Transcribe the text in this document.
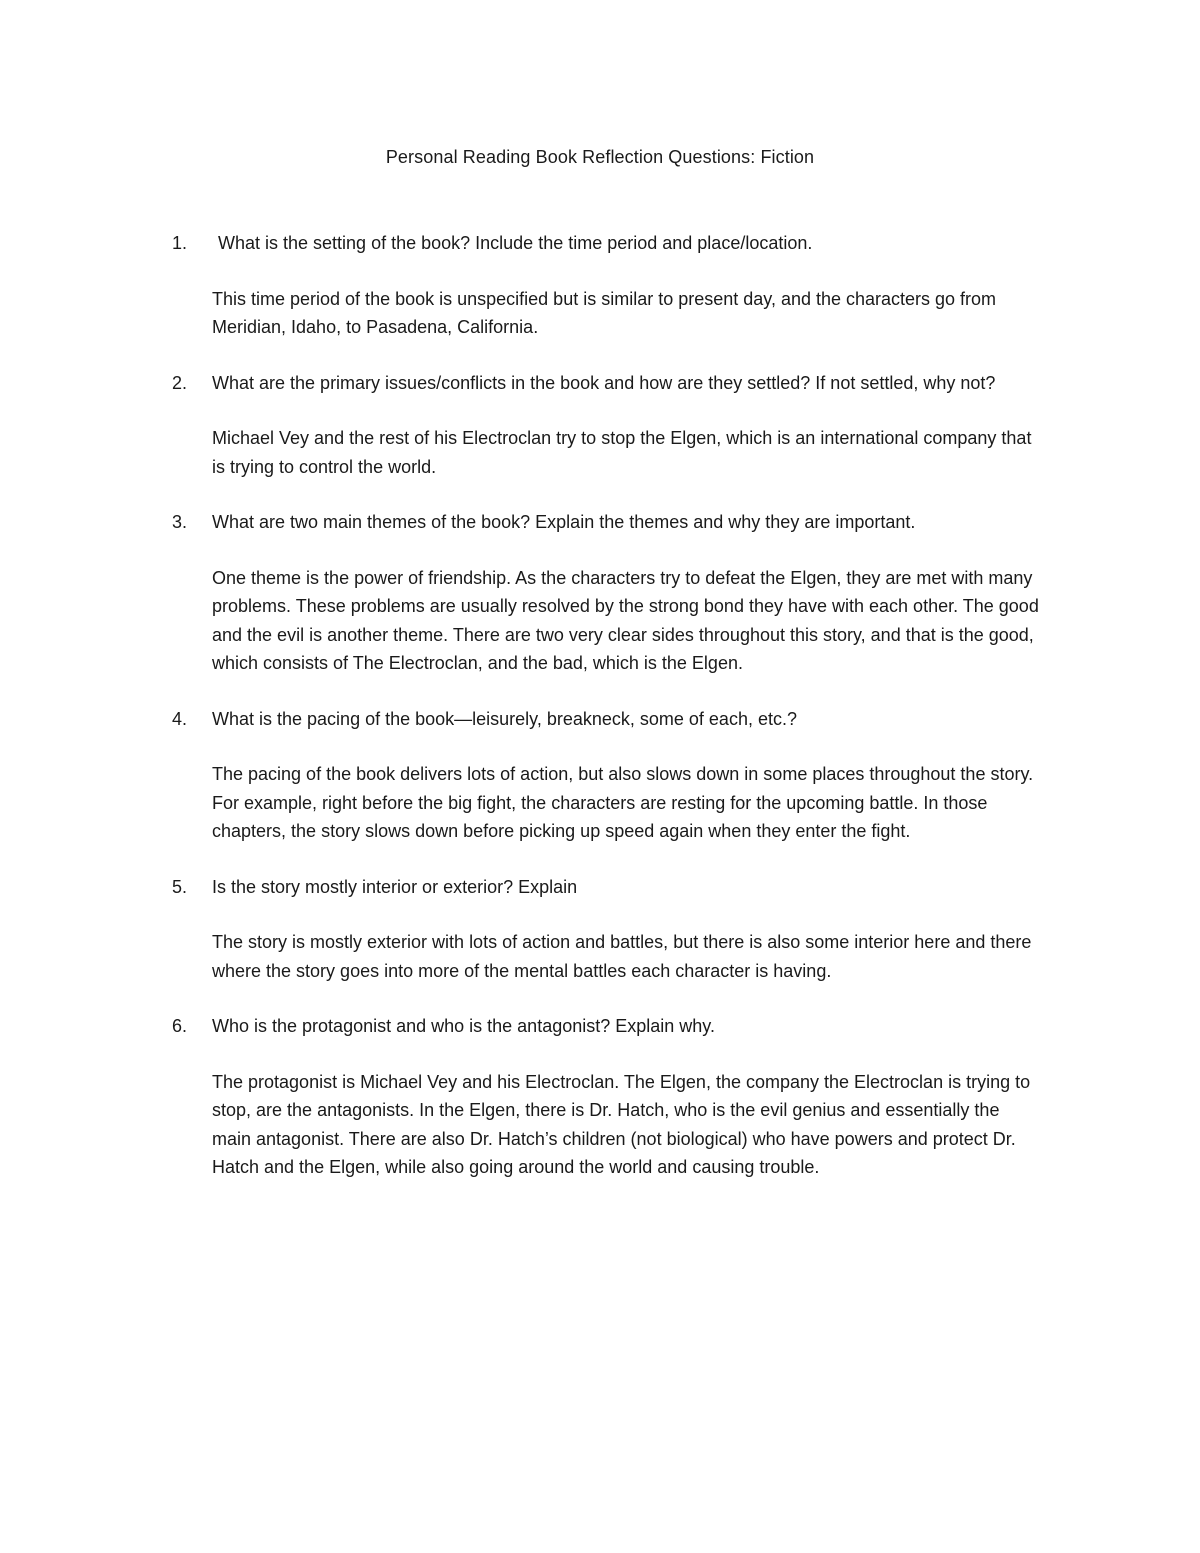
Personal Reading Book Reflection Questions: Fiction
1.	What is the setting of the book? Include the time period and place/location.
This time period of the book is unspecified but is similar to present day, and the characters go from Meridian, Idaho, to Pasadena, California.
2.	What are the primary issues/conflicts in the book and how are they settled? If not settled, why not?
Michael Vey and the rest of his Electroclan try to stop the Elgen, which is an international company that is trying to control the world.
3.	What are two main themes of the book? Explain the themes and why they are important.
One theme is the power of friendship. As the characters try to defeat the Elgen, they are met with many problems. These problems are usually resolved by the strong bond they have with each other. The good and the evil is another theme. There are two very clear sides throughout this story, and that is the good, which consists of The Electroclan, and the bad, which is the Elgen.
4.	What is the pacing of the book—leisurely, breakneck, some of each, etc.?
The pacing of the book delivers lots of action, but also slows down in some places throughout the story. For example, right before the big fight, the characters are resting for the upcoming battle. In those chapters, the story slows down before picking up speed again when they enter the fight.
5.	Is the story mostly interior or exterior? Explain
The story is mostly exterior with lots of action and battles, but there is also some interior here and there where the story goes into more of the mental battles each character is having.
6.	Who is the protagonist and who is the antagonist? Explain why.
The protagonist is Michael Vey and his Electroclan. The Elgen, the company the Electroclan is trying to stop, are the antagonists. In the Elgen, there is Dr. Hatch, who is the evil genius and essentially the main antagonist. There are also Dr. Hatch’s children (not biological) who have powers and protect Dr. Hatch and the Elgen, while also going around the world and causing trouble.
